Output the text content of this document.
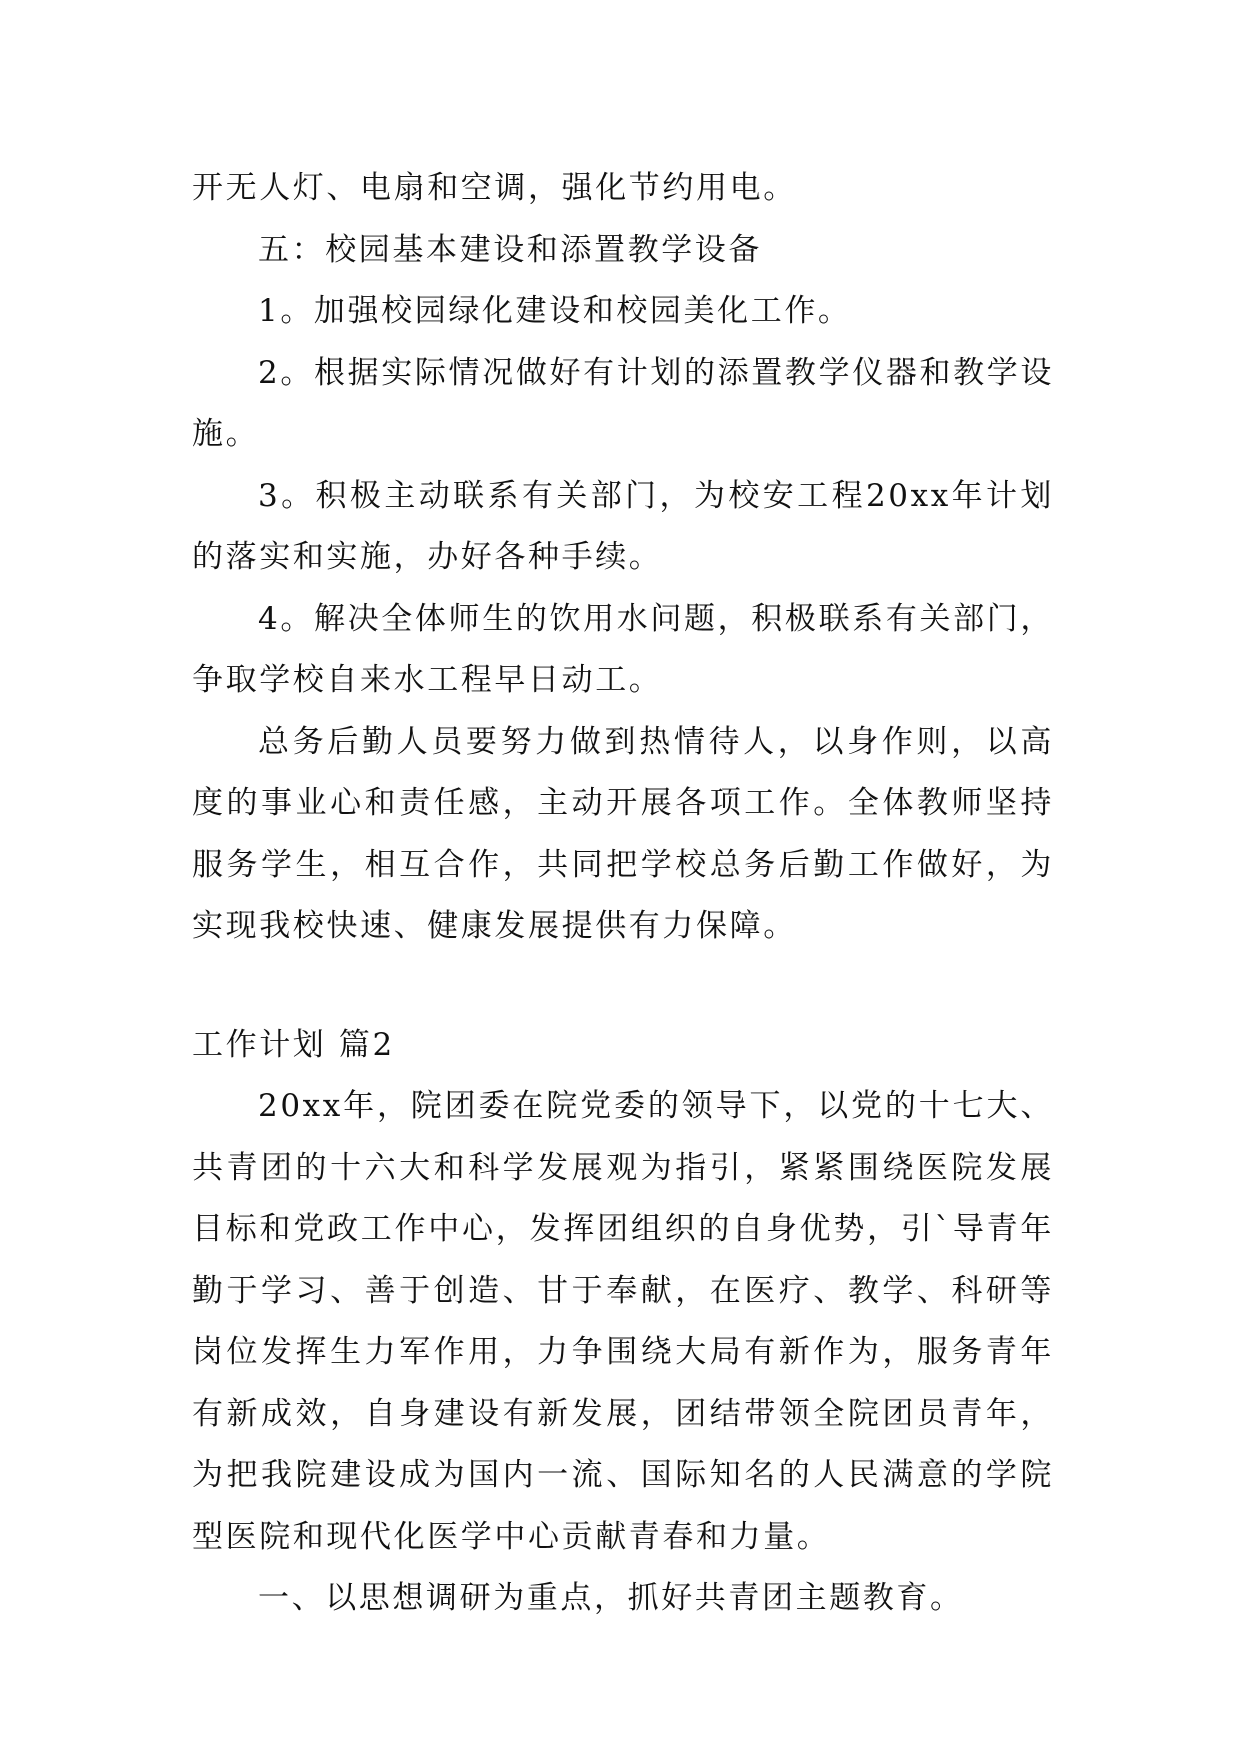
开无人灯、电扇和空调，强化节约用电。

五：校园基本建设和添置教学设备

1。加强校园绿化建设和校园美化工作。

2。根据实际情况做好有计划的添置教学仪器和教学设施。

3。积极主动联系有关部门，为校安工程20xx年计划的落实和实施，办好各种手续。

4。解决全体师生的饮用水问题，积极联系有关部门，争取学校自来水工程早日动工。

总务后勤人员要努力做到热情待人，以身作则，以高度的事业心和责任感，主动开展各项工作。全体教师坚持服务学生，相互合作，共同把学校总务后勤工作做好，为实现我校快速、健康发展提供有力保障。

工作计划 篇2

20xx年，院团委在院党委的领导下，以党的十七大、共青团的十六大和科学发展观为指引，紧紧围绕医院发展目标和党政工作中心，发挥团组织的自身优势，引`导青年勤于学习、善于创造、甘于奉献，在医疗、教学、科研等岗位发挥生力军作用，力争围绕大局有新作为，服务青年有新成效，自身建设有新发展，团结带领全院团员青年，为把我院建设成为国内一流、国际知名的人民满意的学院型医院和现代化医学中心贡献青春和力量。

一、以思想调研为重点，抓好共青团主题教育。
